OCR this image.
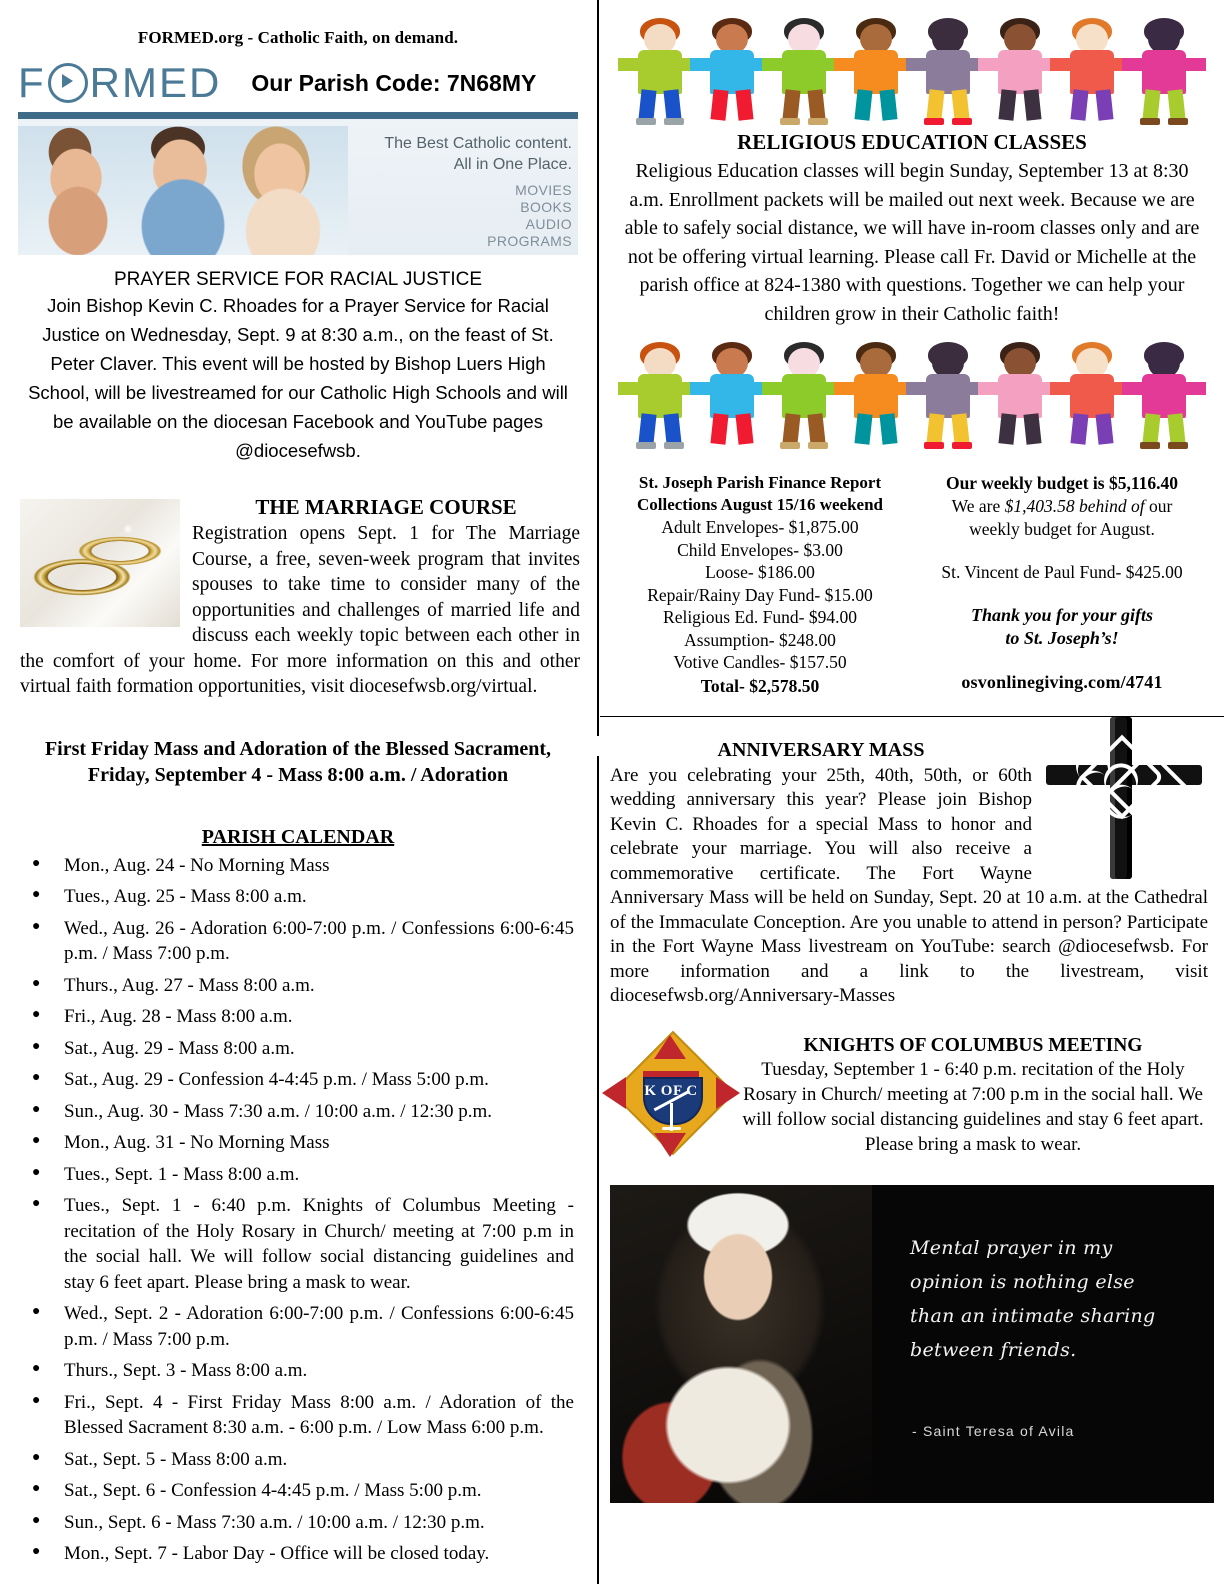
FORMED.org - Catholic Faith, on demand.
F RMED Our Parish Code: 7N68MY
The Best Catholic content.
All in One Place.
MOVIES
BOOKS
AUDIO
PROGRAMS
PRAYER SERVICE FOR RACIAL JUSTICE
Join Bishop Kevin C. Rhoades for a Prayer Service for Racial Justice on Wednesday, Sept. 9 at 8:30 a.m., on the feast of St. Peter Claver. This event will be hosted by Bishop Luers High School, will be livestreamed for our Catholic High Schools and will be available on the diocesan Facebook and YouTube pages @diocesefwsb.
THE MARRIAGE COURSE

Registration opens Sept. 1 for The Marriage Course, a free, seven-week program that invites spouses to take time to consider many of the opportunities and challenges of married life and discuss each weekly topic between each other in the comfort of your home. For more information on this and other virtual faith formation opportunities, visit diocesefwsb.org/virtual.

First Friday Mass and Adoration of the Blessed Sacrament, Friday, September 4 - Mass 8:00 a.m. / Adoration
PARISH CALENDAR
● Mon., Aug. 24 - No Morning Mass
● Tues., Aug. 25 - Mass 8:00 a.m.
● Wed., Aug. 26 - Adoration 6:00-7:00 p.m. / Confessions 6:00-6:45 p.m. / Mass 7:00 p.m.
● Thurs., Aug. 27 - Mass 8:00 a.m.
● Fri., Aug. 28 - Mass 8:00 a.m.
● Sat., Aug. 29 - Mass 8:00 a.m.
● Sat., Aug. 29 - Confession 4-4:45 p.m. / Mass 5:00 p.m.
● Sun., Aug. 30 - Mass 7:30 a.m. / 10:00 a.m. / 12:30 p.m.
● Mon., Aug. 31 - No Morning Mass
● Tues., Sept. 1 - Mass 8:00 a.m.
● Tues., Sept. 1 - 6:40 p.m. Knights of Columbus Meeting - recitation of the Holy Rosary in Church/ meeting at 7:00 p.m in the social hall. We will follow social distancing guidelines and stay 6 feet apart. Please bring a mask to wear.
● Wed., Sept. 2 - Adoration 6:00-7:00 p.m. / Confessions 6:00-6:45 p.m. / Mass 7:00 p.m.
● Thurs., Sept. 3 - Mass 8:00 a.m.
● Fri., Sept. 4 - First Friday Mass 8:00 a.m. / Adoration of the Blessed Sacrament 8:30 a.m. - 6:00 p.m. / Low Mass 6:00 p.m.
● Sat., Sept. 5 - Mass 8:00 a.m.
● Sat., Sept. 6 - Confession 4-4:45 p.m. / Mass 5:00 p.m.
● Sun., Sept. 6 - Mass 7:30 a.m. / 10:00 a.m. / 12:30 p.m.
● Mon., Sept. 7 - Labor Day - Office will be closed today.
RELIGIOUS EDUCATION CLASSES
Religious Education classes will begin Sunday, September 13 at 8:30 a.m. Enrollment packets will be mailed out next week. Because we are able to safely social distance, we will have in-room classes only and are not be offering virtual learning. Please call Fr. David or Michelle at the parish office at 824-1380 with questions. Together we can help your children grow in their Catholic faith!
St. Joseph Parish Finance Report
Collections August 15/16 weekend
Adult Envelopes- $1,875.00
Child Envelopes- $3.00
Loose- $186.00
Repair/Rainy Day Fund- $15.00
Religious Ed. Fund- $94.00
Assumption- $248.00
Votive Candles- $157.50
Total- $2,578.50
Our weekly budget is $5,116.40
We are $1,403.58 behind of our
weekly budget for August.
St. Vincent de Paul Fund- $425.00
Thank you for your gifts
to St. Joseph’s!
osvonlinegiving.com/4741
ANNIVERSARY MASS
Are you celebrating your 25th, 40th, 50th, or 60th wedding anniversary this year? Please join Bishop Kevin C. Rhoades for a special Mass to honor and celebrate your marriage. You will also receive a commemorative certificate. The Fort Wayne Anniversary Mass will be held on Sunday, Sept. 20 at 10 a.m. at the Cathedral of the Immaculate Conception. Are you unable to attend in person? Participate in the Fort Wayne Mass livestream on YouTube: search @diocesefwsb. For more information and a link to the livestream, visit diocesefwsb.org/Anniversary-Masses
K OF C
KNIGHTS OF COLUMBUS MEETING
Tuesday, September 1 - 6:40 p.m. recitation of the Holy Rosary in Church/ meeting at 7:00 p.m in the social hall. We will follow social distancing guidelines and stay 6 feet apart. Please bring a mask to wear.
Mental prayer in my opinion is nothing else than an intimate sharing between friends.
- Saint Teresa of Avila
